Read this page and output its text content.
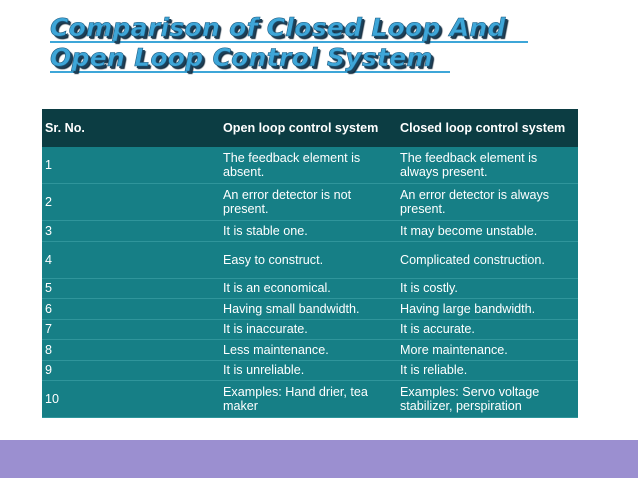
Comparison of Closed Loop And
Open Loop Control System
Sr. No.	Open loop control system	Closed loop control system
1	The feedback element is absent.	The feedback element is always present.
2	An error detector is not present.	An error detector is always present.
3	It is stable one.	It may become unstable.
4	Easy to construct.	Complicated construction.
5	It is an economical.	It is costly.
6	Having small bandwidth.	Having large bandwidth.
7	It is inaccurate.	It is accurate.
8	Less maintenance.	More maintenance.
9	It is unreliable.	It is reliable.
10	Examples: Hand drier, tea maker	Examples: Servo voltage stabilizer, perspiration
